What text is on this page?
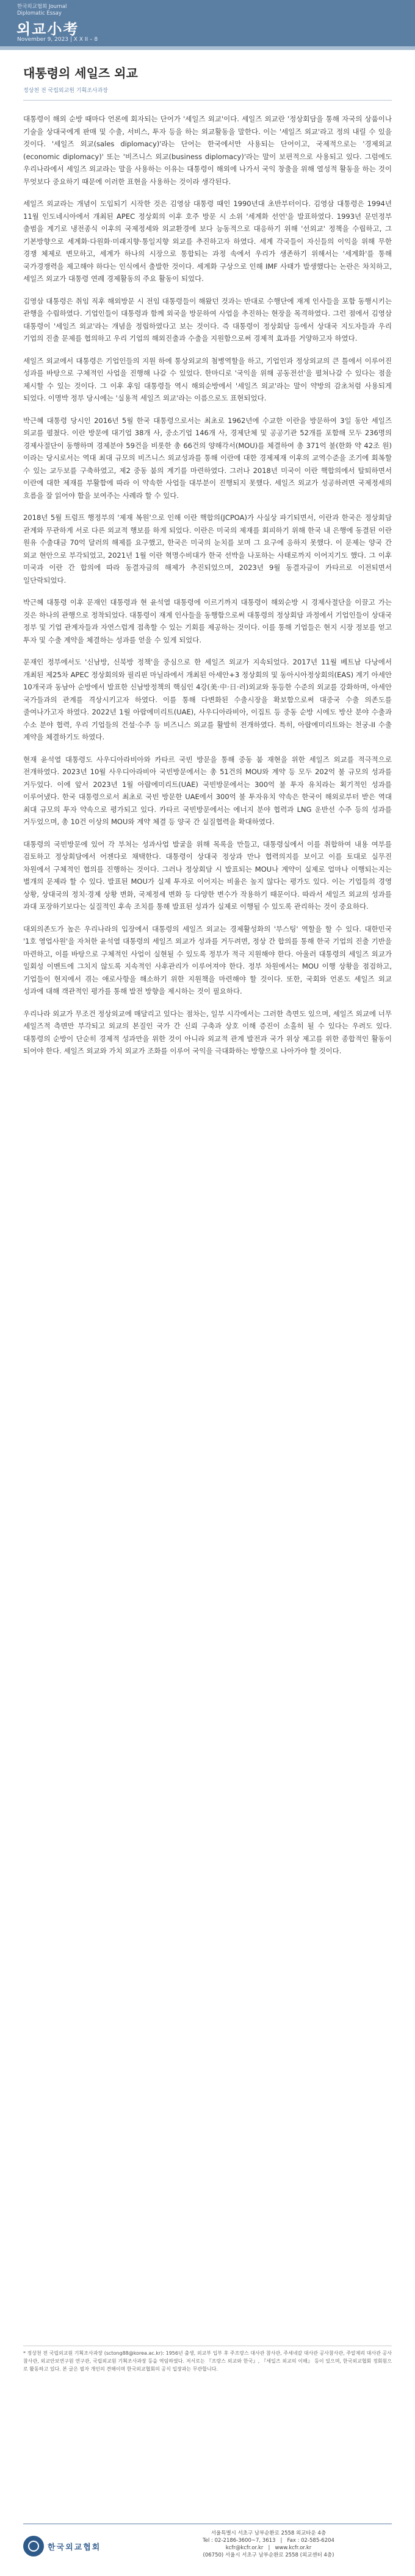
한국외교협회 Journal
Diplomatic Essay
외교小考
November 9, 2023 | X X II – 8
대통령의 세일즈 외교
정상천 전 국립외교원 기획조사과장

대통령이 해외 순방 때마다 언론에 회자되는 단어가 '세일즈 외교'이다. 세일즈 외교란 '정상회담을 통해 자국의 상품이나 기술을 상대국에게 판매 및 수출, 서비스, 투자 등을 하는 외교활동을 말한다. 이는 '세일즈 외교'라고 정의 내릴 수 있을 것이다. '세일즈 외교(sales diplomacy)'라는 단어는 한국에서만 사용되는 단어이고, 국제적으로는 '경제외교(economic diplomacy)' 또는 '비즈니스 외교(business diplomacy)'라는 말이 보편적으로 사용되고 있다. 그럼에도 우리나라에서 세일즈 외교라는 말을 사용하는 이유는 대통령이 해외에 나가서 국익 창출을 위해 열성적 활동을 하는 것이 무엇보다 중요하기 때문에 이러한 표현을 사용하는 것이라 생각된다.

세일즈 외교라는 개념이 도입되기 시작한 것은 김영삼 대통령 때인 1990년대 초반부터이다. 김영삼 대통령은 1994년 11월 인도네시아에서 개최된 APEC 정상회의 이후 호주 방문 시 소위 '세계화 선언'을 발표하였다. 1993년 문민정부 출범을 계기로 냉전종식 이후의 국제정세와 외교환경에 보다 능동적으로 대응하기 위해 '선외교' 정책을 수립하고, 그 기본방향으로 세계화·다원화·미래지향·통일지향 외교를 추진하고자 하였다. 세계 각국들이 자신들의 이익을 위해 무한 경쟁 체제로 변모하고, 세계가 하나의 시장으로 통합되는 과정 속에서 우리가 생존하기 위해서는 '세계화'를 통해 국가경쟁력을 제고해야 하다는 인식에서 출발한 것이다. 세계화 구상으로 인해 IMF 사태가 발생했다는 논란은 차치하고, 세일즈 외교가 대통령 연례 경제활동의 주요 활동이 되었다.

김영삼 대통령은 취임 직후 해외방문 시 전임 대통령들이 해왔던 것과는 반대로 수행단에 재계 인사들을 포함 동행시키는 관행을 수립하였다. 기업인들이 대통령과 함께 외국을 방문하여 사업을 추진하는 현장을 목격하였다. 그런 점에서 김영삼 대통령이 '세일즈 외교'라는 개념을 정립하였다고 보는 것이다. 즉 대통령이 정상회담 등에서 상대국 지도자들과 우리 기업의 진출 문제를 협의하고 우리 기업의 해외진출과 수출을 지원함으로써 경제적 효과를 거양하고자 하였다.

세일즈 외교에서 대통령은 기업인들의 지원 하에 통상외교의 첨병역할을 하고, 기업인과 정상외교의 큰 틀에서 이루어진 성과를 바탕으로 구체적인 사업을 진행해 나갈 수 있었다. 한마디로 '국익을 위해 공동전선'을 펼쳐나갈 수 있다는 점을 제시할 수 있는 것이다. 그 이후 후임 대통령들 역시 해외순방에서 '세일즈 외교'라는 말이 약방의 감초처럼 사용되게 되었다. 이명박 정부 당시에는 '실용적 세일즈 외교'라는 이름으로도 표현되었다.

박근혜 대통령 당시인 2016년 5월 한국 대통령으로서는 최초로 1962년에 수교한 이란을 방문하여 3일 동안 세일즈 외교를 펼쳤다. 이란 방문에 대기업 38개 사, 중소기업 146개 사, 경제단체 및 공공기관 52개를 포함해 모두 236명의 경제사절단이 동행하며 경제분야 59건을 비롯한 총 66건의 양해각서(MOU)를 체결하여 총 371억 불(한화 약 42조 원)이라는 당시로서는 역대 최대 규모의 비즈니스 외교성과를 통해 이란에 대한 경제제재 이후의 교역수준을 조기에 회복할 수 있는 교두보를 구축하였고, 제2 중동 붐의 계기를 마련하였다. 그러나 2018년 미국이 이란 핵합의에서 탈퇴하면서 이란에 대한 제재를 부활함에 따라 이 약속한 사업들 대부분이 진행되지 못했다. 세일즈 외교가 성공하려면 국제정세의 흐름을 잘 읽어야 함을 보여주는 사례라 할 수 있다.

2018년 5월 트럼프 행정부의 '제재 복원'으로 인해 이란 핵합의(JCPOA)가 사실상 파기되면서, 이란과 한국은 정상회담 관계와 무관하게 서로 다른 외교적 행보를 하게 되었다. 이란은 미국의 제재를 회피하기 위해 한국 내 은행에 동결된 이란 원유 수출대금 70억 달러의 해제를 요구했고, 한국은 미국의 눈치를 보며 그 요구에 응하지 못했다. 이 문제는 양국 간 외교 현안으로 부각되었고, 2021년 1월 이란 혁명수비대가 한국 선박을 나포하는 사태로까지 이어지기도 했다. 그 이후 미국과 이란 간 합의에 따라 동결자금의 해제가 추진되었으며, 2023년 9월 동결자금이 카타르로 이전되면서 일단락되었다.

박근혜 대통령 이후 문재인 대통령과 현 윤석열 대통령에 이르기까지 대통령이 해외순방 시 경제사절단을 이끌고 가는 것은 하나의 관행으로 정착되었다. 대통령이 재계 인사들을 동행함으로써 대통령의 정상회담 과정에서 기업인들이 상대국 정부 및 기업 관계자들과 자연스럽게 접촉할 수 있는 기회를 제공하는 것이다. 이를 통해 기업들은 현지 시장 정보를 얻고 투자 및 수출 계약을 체결하는 성과를 얻을 수 있게 되었다.

문재인 정부에서도 '신남방, 신북방 정책'을 중심으로 한 세일즈 외교가 지속되었다. 2017년 11월 베트남 다낭에서 개최된 제25차 APEC 정상회의와 필리핀 마닐라에서 개최된 아세안+3 정상회의 및 동아시아정상회의(EAS) 계기 아세안 10개국과 동남아 순방에서 발표한 신남방정책의 핵심인 4강(美·中·日·러)외교와 동등한 수준의 외교를 강화하며, 아세안 국가들과의 관계를 격상시키고자 하였다. 이를 통해 다변화된 수출시장을 확보함으로써 대중국 수출 의존도를 줄여나가고자 하였다. 2022년 1월 아랍에미리트(UAE), 사우디아라비아, 이집트 등 중동 순방 시에도 방산 분야 수출과 수소 분야 협력, 우리 기업들의 건설·수주 등 비즈니스 외교를 활발히 전개하였다. 특히, 아랍에미리트와는 천궁-II 수출 계약을 체결하기도 하였다.

현재 윤석열 대통령도 사우디아라비아와 카타르 국빈 방문을 통해 중동 붐 재현을 위한 세일즈 외교를 적극적으로 전개하였다. 2023년 10월 사우디아라비아 국빈방문에서는 총 51건의 MOU와 계약 등 모두 202억 불 규모의 성과를 거두었다. 이에 앞서 2023년 1월 아랍에미리트(UAE) 국빈방문에서는 300억 불 투자 유치라는 획기적인 성과를 이루어냈다. 한국 대통령으로서 최초로 국빈 방문한 UAE에서 300억 불 투자유치 약속은 한국이 해외로부터 받은 역대 최대 규모의 투자 약속으로 평가되고 있다. 카타르 국빈방문에서는 에너지 분야 협력과 LNG 운반선 수주 등의 성과를 거두었으며, 총 10건 이상의 MOU와 계약 체결 등 양국 간 실질협력을 확대하였다.

대통령의 국빈방문에 있어 각 부처는 성과사업 발굴을 위해 목록을 만들고, 대통령실에서 이를 취합하여 내용 여부를 검토하고 정상회담에서 어젠다로 채택한다. 대통령이 상대국 정상과 만나 협력의지를 보이고 이를 토대로 실무진 차원에서 구체적인 협의를 진행하는 것이다. 그러나 정상회담 시 발표되는 MOU나 계약이 실제로 얼마나 이행되는지는 별개의 문제라 할 수 있다. 발표된 MOU가 실제 투자로 이어지는 비율은 높지 않다는 평가도 있다. 이는 기업들의 경영 상황, 상대국의 정치·경제 상황 변화, 국제정세 변화 등 다양한 변수가 작용하기 때문이다. 따라서 세일즈 외교의 성과를 과대 포장하기보다는 실질적인 후속 조치를 통해 발표된 성과가 실제로 이행될 수 있도록 관리하는 것이 중요하다.

대외의존도가 높은 우리나라의 입장에서 대통령의 세일즈 외교는 경제활성화의 '부스팅' 역할을 할 수 있다. 대한민국 '1호 영업사원'을 자처한 윤석열 대통령의 세일즈 외교가 성과를 거두려면, 정상 간 합의를 통해 한국 기업의 진출 기반을 마련하고, 이를 바탕으로 구체적인 사업이 실현될 수 있도록 정부가 적극 지원해야 한다. 아울러 대통령의 세일즈 외교가 일회성 이벤트에 그치지 않도록 지속적인 사후관리가 이루어져야 한다. 정부 차원에서는 MOU 이행 상황을 점검하고, 기업들이 현지에서 겪는 애로사항을 해소하기 위한 지원책을 마련해야 할 것이다. 또한, 국회와 언론도 세일즈 외교 성과에 대해 객관적인 평가를 통해 발전 방향을 제시하는 것이 필요하다.

우리나라 외교가 무조건 정상외교에 매달리고 있다는 점차는, 일부 시각에서는 그러한 측면도 있으며, 세일즈 외교에 너무 세일즈적 측면만 부각되고 외교의 본질인 국가 간 신뢰 구축과 상호 이해 증진이 소홀히 될 수 있다는 우려도 있다. 대통령의 순방이 단순히 경제적 성과만을 위한 것이 아니라 외교적 관계 발전과 국가 위상 제고를 위한 종합적인 활동이 되어야 한다. 세일즈 외교와 가치 외교가 조화를 이루어 국익을 극대화하는 방향으로 나아가야 할 것이다.

* 정상천 전 국립외교원 기획조사과장 (sctong88@korea.ac.kr): 1956년 출생, 외교부 입부 후 주프랑스 대사관 참사관, 주세네갈 대사관 공사참사관, 주알제리 대사관 공사참사관, 외교안보연구원 연구관, 국립외교원 기획조사과장 등을 역임하였다. 저서로는 『프랑스 외교와 한국』, 『세일즈 외교의 이해』 등이 있으며, 한국외교협회 정회원으로 활동하고 있다. 본 글은 필자 개인의 견해이며 한국외교협회의 공식 입장과는 무관합니다.
한국외교협회
서울특별시 서초구 남부순환로 2558 외교타운 4층
Tel : 02-2186-3600~7, 3613   |   Fax : 02-585-6204
kcfr@kcfr.or.kr   |   www.kcfr.or.kr
(06750) 서울시 서초구 남부순환로 2558 (외교센터 4층)
